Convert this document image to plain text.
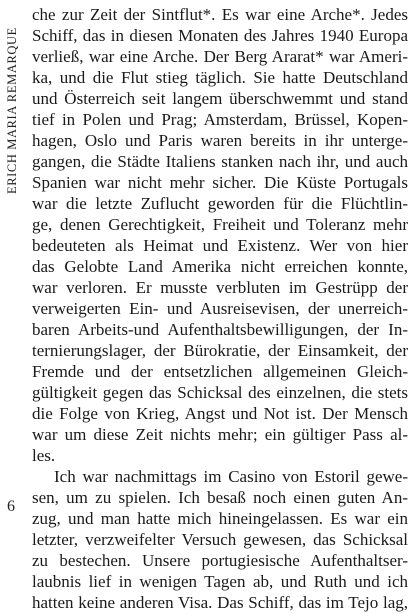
ERICH MARIA REMARQUE
che zur Zeit der Sintflut*. Es war eine Arche*. Jedes
Schiff, das in diesen Monaten des Jahres 1940 Europa
verließ, war eine Arche. Der Berg Ararat* war Ameri-
ka, und die Flut stieg täglich. Sie hatte Deutschland
und Österreich seit langem überschwemmt und stand
tief in Polen und Prag; Amsterdam, Brüssel, Kopen-
hagen, Oslo und Paris waren bereits in ihr unterge-
gangen, die Städte Italiens stanken nach ihr, und auch
Spanien war nicht mehr sicher. Die Küste Portugals
war die letzte Zuflucht geworden für die Flüchtlin-
ge, denen Gerechtigkeit, Freiheit und Toleranz mehr
bedeuteten als Heimat und Existenz. Wer von hier
das Gelobte Land Amerika nicht erreichen konnte,
war verloren. Er musste verbluten im Gestrüpp der
verweigerten Ein- und Ausreisevisen, der unerreich-
baren Arbeits-und Aufenthaltsbewilligungen, der In-
ternierungslager, der Bürokratie, der Einsamkeit, der
Fremde und der entsetzlichen allgemeinen Gleich-
gültigkeit gegen das Schicksal des einzelnen, die stets
die Folge von Krieg, Angst und Not ist. Der Mensch
war um diese Zeit nichts mehr; ein gültiger Pass al-
les.
Ich war nachmittags im Casino von Estoril gewe-
sen, um zu spielen. Ich besaß noch einen guten An-
zug, und man hatte mich hineingelassen. Es war ein
letzter, verzweifelter Versuch gewesen, das Schicksal
zu bestechen. Unsere portugiesische Aufenthaltser-
laubnis lief in wenigen Tagen ab, und Ruth und ich
hatten keine anderen Visa. Das Schiff, das im Tejo lag,
6
